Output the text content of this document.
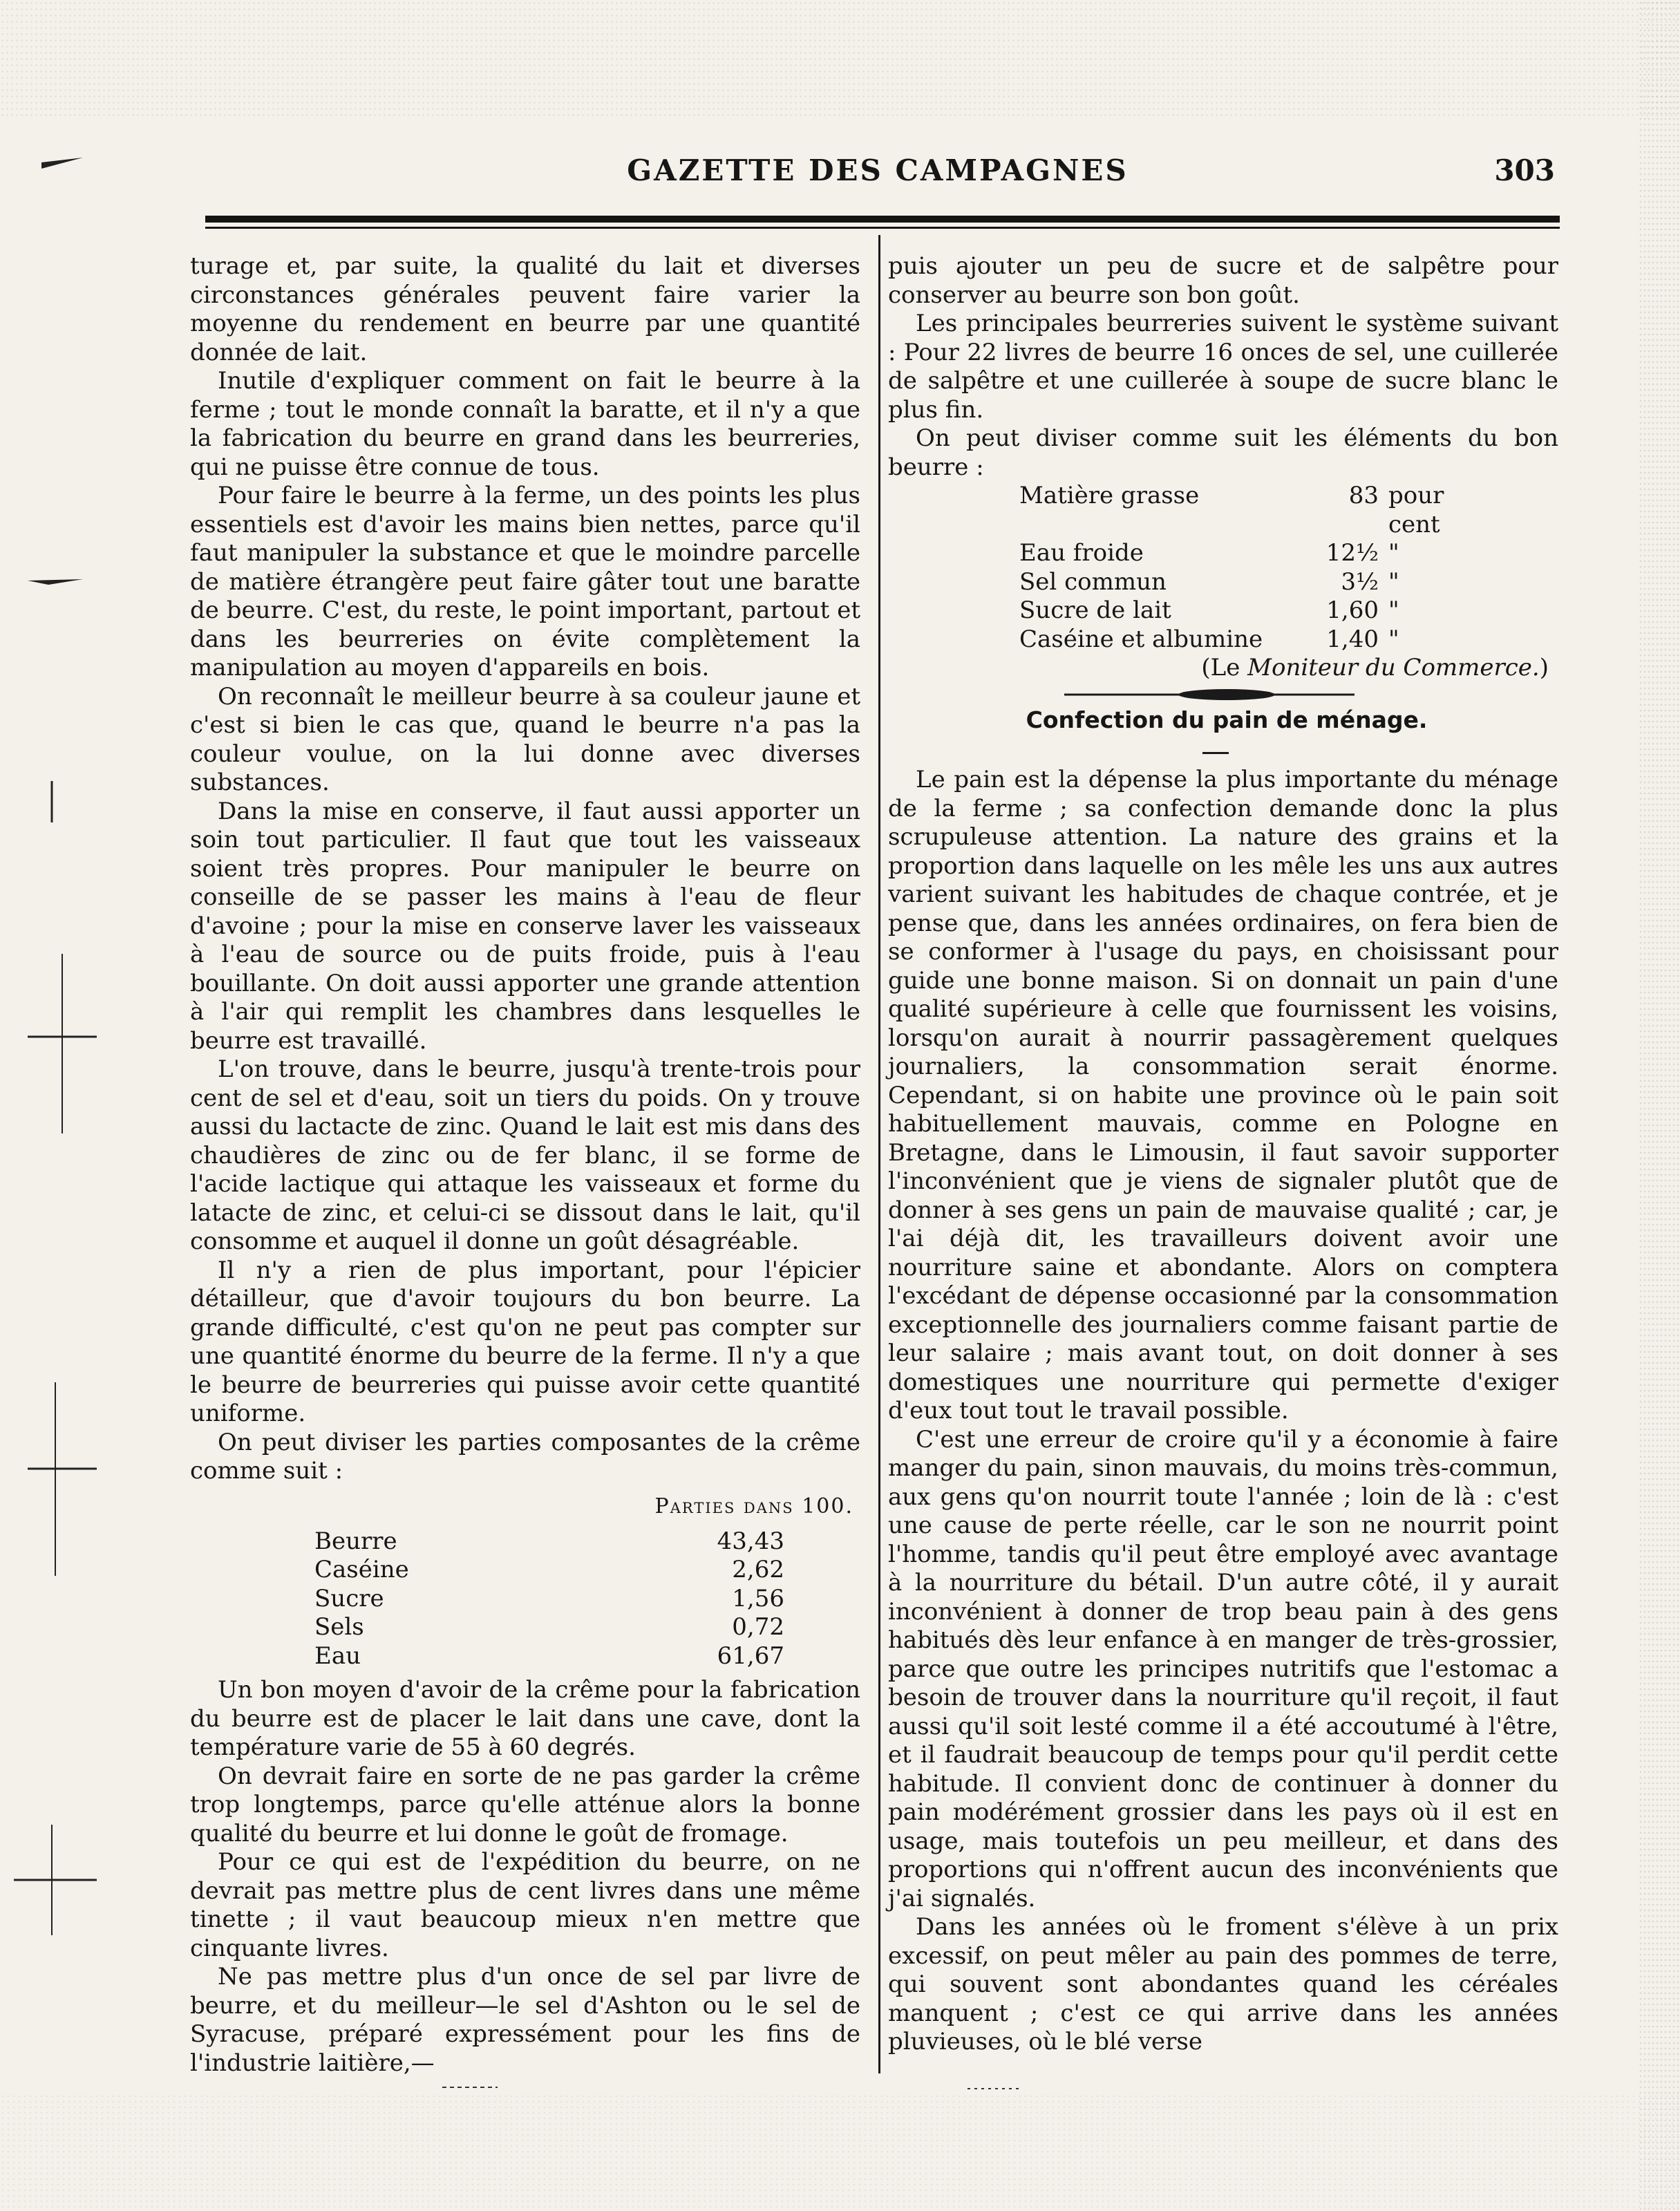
GAZETTE DES CAMPAGNES	303

turage et, par suite, la qualité du lait et diverses circonstances générales peuvent faire varier la moyenne du rendement en beurre par une quantité donnée de lait.

Inutile d'expliquer comment on fait le beurre à la ferme ; tout le monde connaît la baratte, et il n'y a que la fabrication du beurre en grand dans les beurreries, qui ne puisse être connue de tous.

Pour faire le beurre à la ferme, un des points les plus essentiels est d'avoir les mains bien nettes, parce qu'il faut manipuler la substance et que le moindre parcelle de matière étrangère peut faire gâter tout une baratte de beurre. C'est, du reste, le point important, partout et dans les beurreries on évite complètement la manipulation au moyen d'appareils en bois.

On reconnaît le meilleur beurre à sa couleur jaune et c'est si bien le cas que, quand le beurre n'a pas la couleur voulue, on la lui donne avec diverses substances.

Dans la mise en conserve, il faut aussi apporter un soin tout particulier. Il faut que tout les vaisseaux soient très propres. Pour manipuler le beurre on conseille de se passer les mains à l'eau de fleur d'avoine ; pour la mise en conserve laver les vaisseaux à l'eau de source ou de puits froide, puis à l'eau bouillante. On doit aussi apporter une grande attention à l'air qui remplit les chambres dans lesquelles le beurre est travaillé.

L'on trouve, dans le beurre, jusqu'à trente-trois pour cent de sel et d'eau, soit un tiers du poids. On y trouve aussi du lactacte de zinc. Quand le lait est mis dans des chaudières de zinc ou de fer blanc, il se forme de l'acide lactique qui attaque les vaisseaux et forme du latacte de zinc, et celui-ci se dissout dans le lait, qu'il consomme et auquel il donne un goût désagréable.

Il n'y a rien de plus important, pour l'épicier détailleur, que d'avoir toujours du bon beurre. La grande difficulté, c'est qu'on ne peut pas compter sur une quantité énorme du beurre de la ferme. Il n'y a que le beurre de beurreries qui puisse avoir cette quantité uniforme.

On peut diviser les parties composantes de la crême comme suit :

Parties dans 100.
Beurre	43,43
Caséine	2,62
Sucre	1,56
Sels	0,72
Eau	61,67

Un bon moyen d'avoir de la crême pour la fabrication du beurre est de placer le lait dans une cave, dont la température varie de 55 à 60 degrés.

On devrait faire en sorte de ne pas garder la crême trop longtemps, parce qu'elle atténue alors la bonne qualité du beurre et lui donne le goût de fromage.

Pour ce qui est de l'expédition du beurre, on ne devrait pas mettre plus de cent livres dans une même tinette ; il vaut beaucoup mieux n'en mettre que cinquante livres.

Ne pas mettre plus d'un once de sel par livre de beurre, et du meilleur—le sel d'Ashton ou le sel de Syracuse, préparé expressément pour les fins de l'industrie laitière,—

puis ajouter un peu de sucre et de salpêtre pour conserver au beurre son bon goût.

Les principales beurreries suivent le système suivant : Pour 22 livres de beurre 16 onces de sel, une cuillerée de salpêtre et une cuillerée à soupe de sucre blanc le plus fin.

On peut diviser comme suit les éléments du bon beurre :

Matière grasse	83	pour cent
Eau froide	12½	"
Sel commun	3½	"
Sucre de lait	1,60	"
Caséine et albumine	1,40	"
(Le Moniteur du Commerce.)
Confection du pain de ménage.

Le pain est la dépense la plus importante du ménage de la ferme ; sa confection demande donc la plus scrupuleuse attention. La nature des grains et la proportion dans laquelle on les mêle les uns aux autres varient suivant les habitudes de chaque contrée, et je pense que, dans les années ordinaires, on fera bien de se conformer à l'usage du pays, en choisissant pour guide une bonne maison. Si on donnait un pain d'une qualité supérieure à celle que fournissent les voisins, lorsqu'on aurait à nourrir passagèrement quelques journaliers, la consommation serait énorme. Cependant, si on habite une province où le pain soit habituellement mauvais, comme en Pologne en Bretagne, dans le Limousin, il faut savoir supporter l'inconvénient que je viens de signaler plutôt que de donner à ses gens un pain de mauvaise qualité ; car, je l'ai déjà dit, les travailleurs doivent avoir une nourriture saine et abondante. Alors on comptera l'excédant de dépense occasionné par la consommation exceptionnelle des journaliers comme faisant partie de leur salaire ; mais avant tout, on doit donner à ses domestiques une nourriture qui permette d'exiger d'eux tout tout le travail possible.

C'est une erreur de croire qu'il y a économie à faire manger du pain, sinon mauvais, du moins très-commun, aux gens qu'on nourrit toute l'année ; loin de là : c'est une cause de perte réelle, car le son ne nourrit point l'homme, tandis qu'il peut être employé avec avantage à la nourriture du bétail. D'un autre côté, il y aurait inconvénient à donner de trop beau pain à des gens habitués dès leur enfance à en manger de très-grossier, parce que outre les principes nutritifs que l'estomac a besoin de trouver dans la nourriture qu'il reçoit, il faut aussi qu'il soit lesté comme il a été accoutumé à l'être, et il faudrait beaucoup de temps pour qu'il perdit cette habitude. Il convient donc de continuer à donner du pain modérément grossier dans les pays où il est en usage, mais toutefois un peu meilleur, et dans des proportions qui n'offrent aucun des inconvénients que j'ai signalés.

Dans les années où le froment s'élève à un prix excessif, on peut mêler au pain des pommes de terre, qui souvent sont abondantes quand les céréales manquent ; c'est ce qui arrive dans les années pluvieuses, où le blé verse
